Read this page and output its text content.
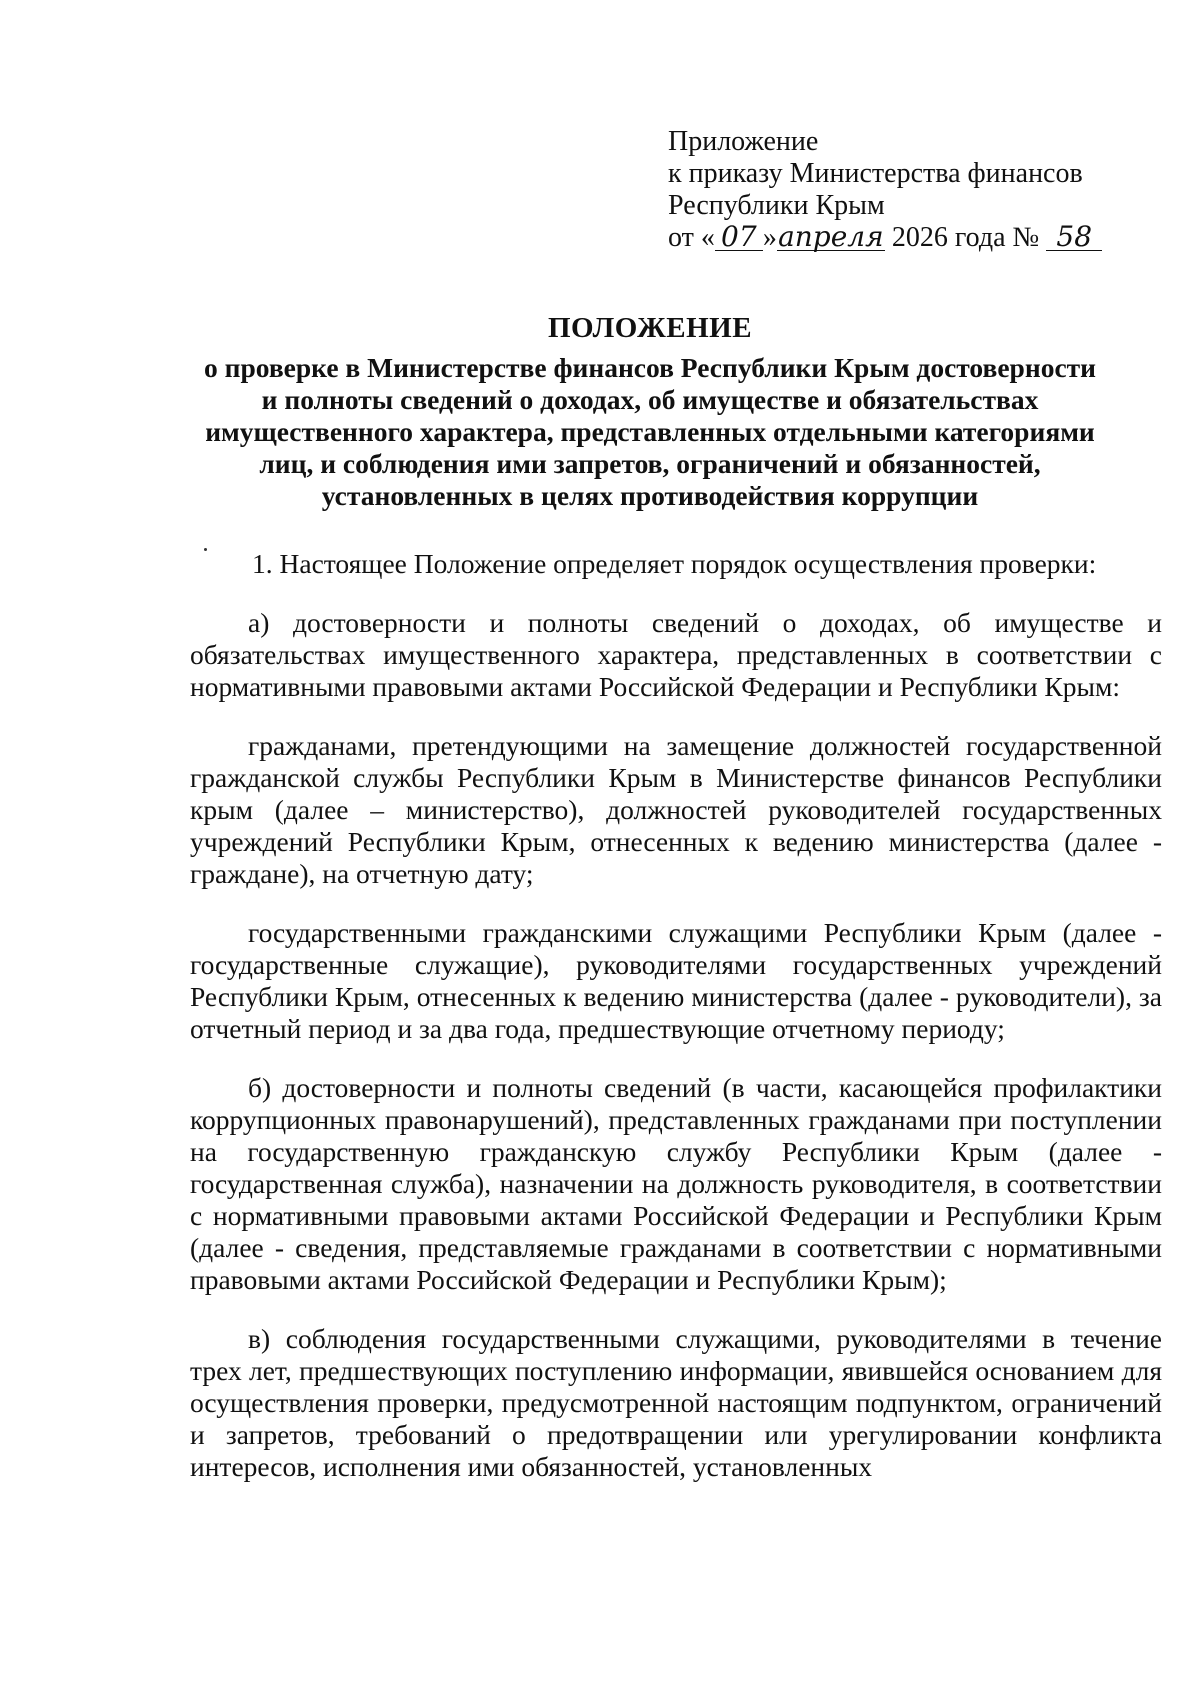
Приложение
к приказу Министерства финансов
Республики Крым
от « 07 »апреля 2026 года № 58
ПОЛОЖЕНИЕ
о проверке в Министерстве финансов Республики Крым достоверности
и полноты сведений о доходах, об имуществе и обязательствах
имущественного характера, представленных отдельными категориями
лиц, и соблюдения ими запретов, ограничений и обязанностей,
установленных в целях противодействия коррупции

1. Настоящее Положение определяет порядок осуществления проверки:

а) достоверности и полноты сведений о доходах, об имуществе и обязательствах имущественного характера, представленных в соответствии с нормативными правовыми актами Российской Федерации и Республики Крым:

гражданами, претендующими на замещение должностей государственной гражданской службы Республики Крым в Министерстве финансов Республики крым (далее – министерство), должностей руководителей государственных учреждений Республики Крым, отнесенных к ведению министерства (далее - граждане), на отчетную дату;

государственными гражданскими служащими Республики Крым (далее - государственные служащие), руководителями государственных учреждений Республики Крым, отнесенных к ведению министерства (далее - руководители), за отчетный период и за два года, предшествующие отчетному периоду;

б) достоверности и полноты сведений (в части, касающейся профилактики коррупционных правонарушений), представленных гражданами при поступлении на государственную гражданскую службу Республики Крым (далее - государственная служба), назначении на должность руководителя, в соответствии с нормативными правовыми актами Российской Федерации и Республики Крым (далее - сведения, представляемые гражданами в соответствии с нормативными правовыми актами Российской Федерации и Республики Крым);

в) соблюдения государственными служащими, руководителями в течение трех лет, предшествующих поступлению информации, явившейся основанием для осуществления проверки, предусмотренной настоящим подпунктом, ограничений и запретов, требований о предотвращении или урегулировании конфликта интересов, исполнения ими обязанностей, установленных
